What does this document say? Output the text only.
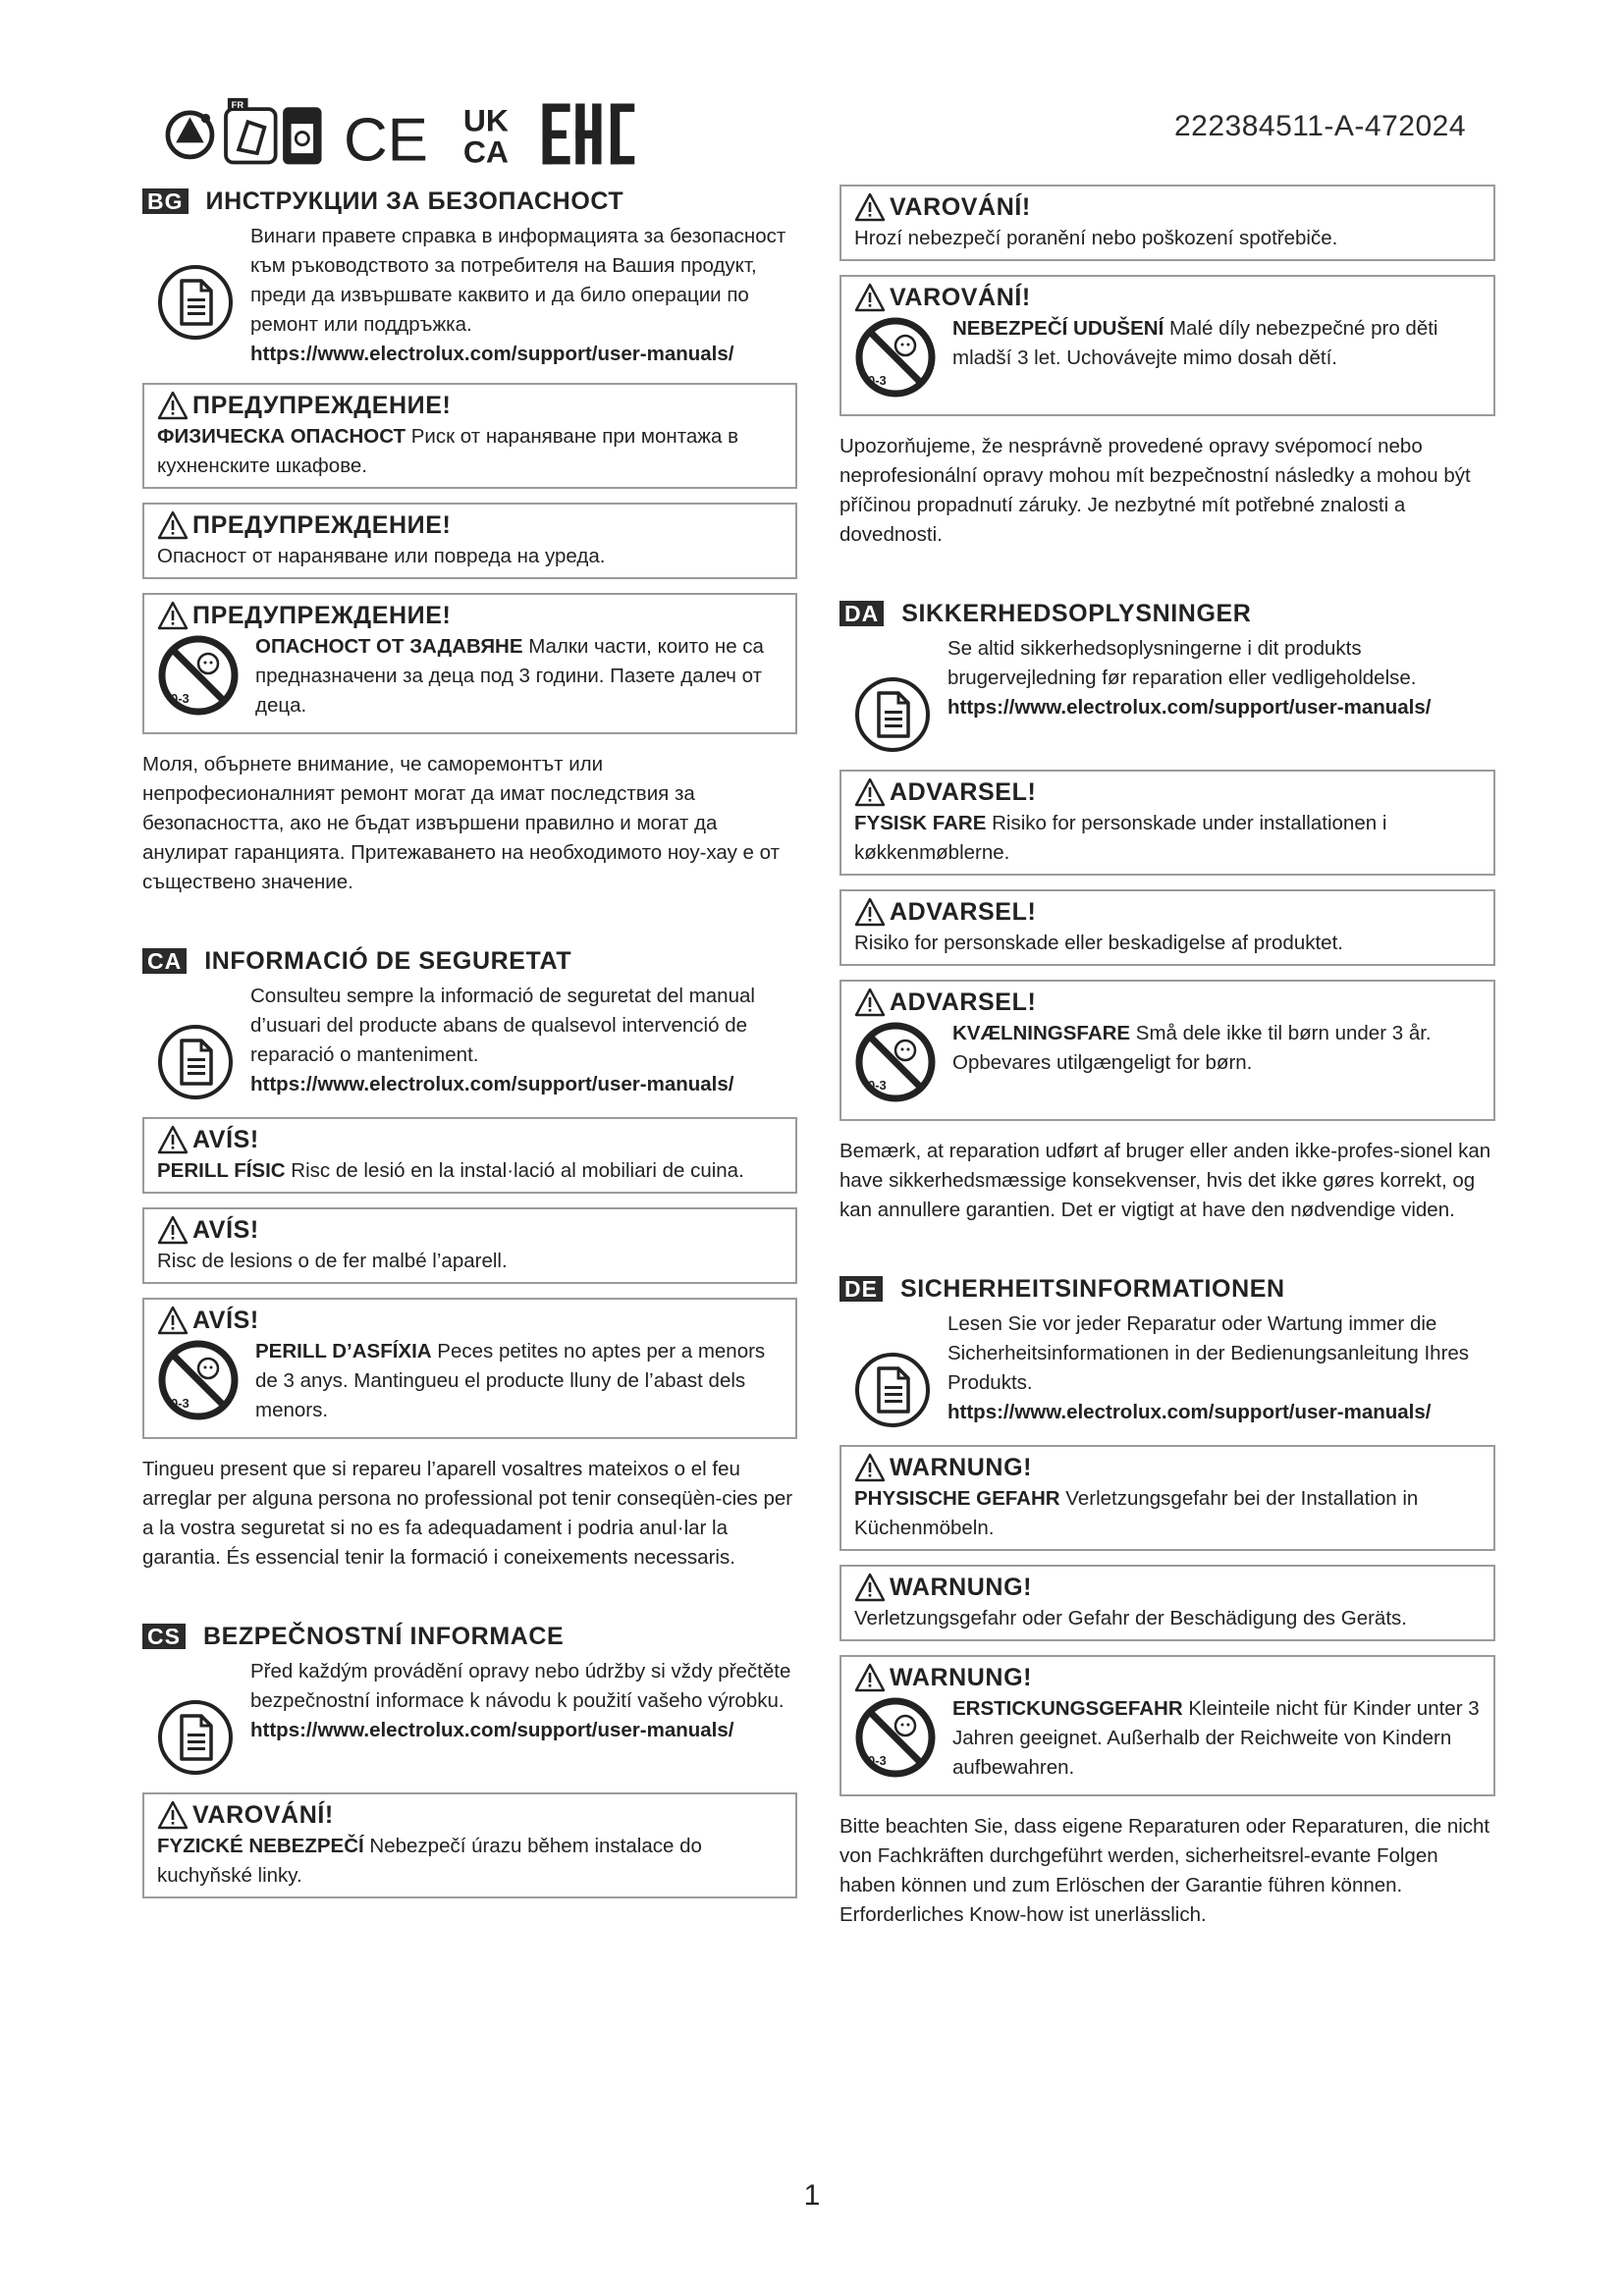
FR
CE UK
CA
222384511-A-472024
BG ИНСТРУКЦИИ ЗА БЕЗОПАСНОСТ
Винаги правете справка в информацията за безопасност към ръководството за потребителя на Вашия продукт, преди да извършвате каквито и да било операции по ремонт или поддръжка.
https://www.electrolux.com/support/user-manuals/
ПРЕДУПРЕЖДЕНИЕ!
ФИЗИЧЕСКА ОПАСНОСТ Риск от нараняване при монтажа в кухненските шкафове.
ПРЕДУПРЕЖДЕНИЕ!
Опасност от нараняване или повреда на уреда.
ПРЕДУПРЕЖДЕНИЕ!
0-3
ОПАСНОСТ ОТ ЗАДАВЯНЕ Малки части, които не са предназначени за деца под 3 години. Пазете далеч от деца.
Моля, обърнете внимание, че саморемонтът или непрофесионалният ремонт могат да имат последствия за безопасността, ако не бъдат извършени правилно и могат да анулират гаранцията. Притежаването на необходимото ноу-хау е от съществено значение.
CA INFORMACIÓ DE SEGURETAT
Consulteu sempre la informació de seguretat del manual d’usuari del producte abans de qualsevol intervenció de reparació o manteniment.
https://www.electrolux.com/support/user-manuals/
AVÍS!
PERILL FÍSIC Risc de lesió en la instal·lació al mobiliari de cuina.
AVÍS!
Risc de lesions o de fer malbé l’aparell.
AVÍS!
0-3
PERILL D’ASFÍXIA Peces petites no aptes per a menors de 3 anys. Mantingueu el producte lluny de l’abast dels menors.
Tingueu present que si repareu l’aparell vosaltres mateixos o el feu arreglar per alguna persona no professional pot tenir conseqüèn-cies per a la vostra seguretat si no es fa adequadament i podria anul·lar la garantia. És essencial tenir la formació i coneixements necessaris.
CS BEZPEČNOSTNÍ INFORMACE
Před každým provádění opravy nebo údržby si vždy přečtěte bezpečnostní informace k návodu k použití vašeho výrobku.
https://www.electrolux.com/support/user-manuals/
VAROVÁNÍ!
FYZICKÉ NEBEZPEČÍ Nebezpečí úrazu během instalace do kuchyňské linky.
VAROVÁNÍ!
Hrozí nebezpečí poranění nebo poškození spotřebiče.
VAROVÁNÍ!
0-3
NEBEZPEČÍ UDUŠENÍ Malé díly nebezpečné pro děti mladší 3 let. Uchovávejte mimo dosah dětí.
Upozorňujeme, že nesprávně provedené opravy svépomocí nebo neprofesionální opravy mohou mít bezpečnostní následky a mohou být příčinou propadnutí záruky. Je nezbytné mít potřebné znalosti a dovednosti.
DA SIKKERHEDSOPLYSNINGER
Se altid sikkerhedsoplysningerne i dit produkts brugervejledning før reparation eller vedligeholdelse.
https://www.electrolux.com/support/user-manuals/
ADVARSEL!
FYSISK FARE Risiko for personskade under installationen i køkkenmøblerne.
ADVARSEL!
Risiko for personskade eller beskadigelse af produktet.
ADVARSEL!
0-3
KVÆLNINGSFARE Små dele ikke til børn under 3 år. Opbevares utilgængeligt for børn.
Bemærk, at reparation udført af bruger eller anden ikke-profes-sionel kan have sikkerhedsmæssige konsekvenser, hvis det ikke gøres korrekt, og kan annullere garantien. Det er vigtigt at have den nødvendige viden.
DE SICHERHEITSINFORMATIONEN
Lesen Sie vor jeder Reparatur oder Wartung immer die Sicherheitsinformationen in der Bedienungsanleitung Ihres Produkts.
https://www.electrolux.com/support/user-manuals/
WARNUNG!
PHYSISCHE GEFAHR Verletzungsgefahr bei der Installation in Küchenmöbeln.
WARNUNG!
Verletzungsgefahr oder Gefahr der Beschädigung des Geräts.
WARNUNG!
0-3
ERSTICKUNGSGEFAHR Kleinteile nicht für Kinder unter 3 Jahren geeignet. Außerhalb der Reichweite von Kindern aufbewahren.
Bitte beachten Sie, dass eigene Reparaturen oder Reparaturen, die nicht von Fachkräften durchgeführt werden, sicherheitsrel-evante Folgen haben können und zum Erlöschen der Garantie führen können. Erforderliches Know-how ist unerlässlich.
1
